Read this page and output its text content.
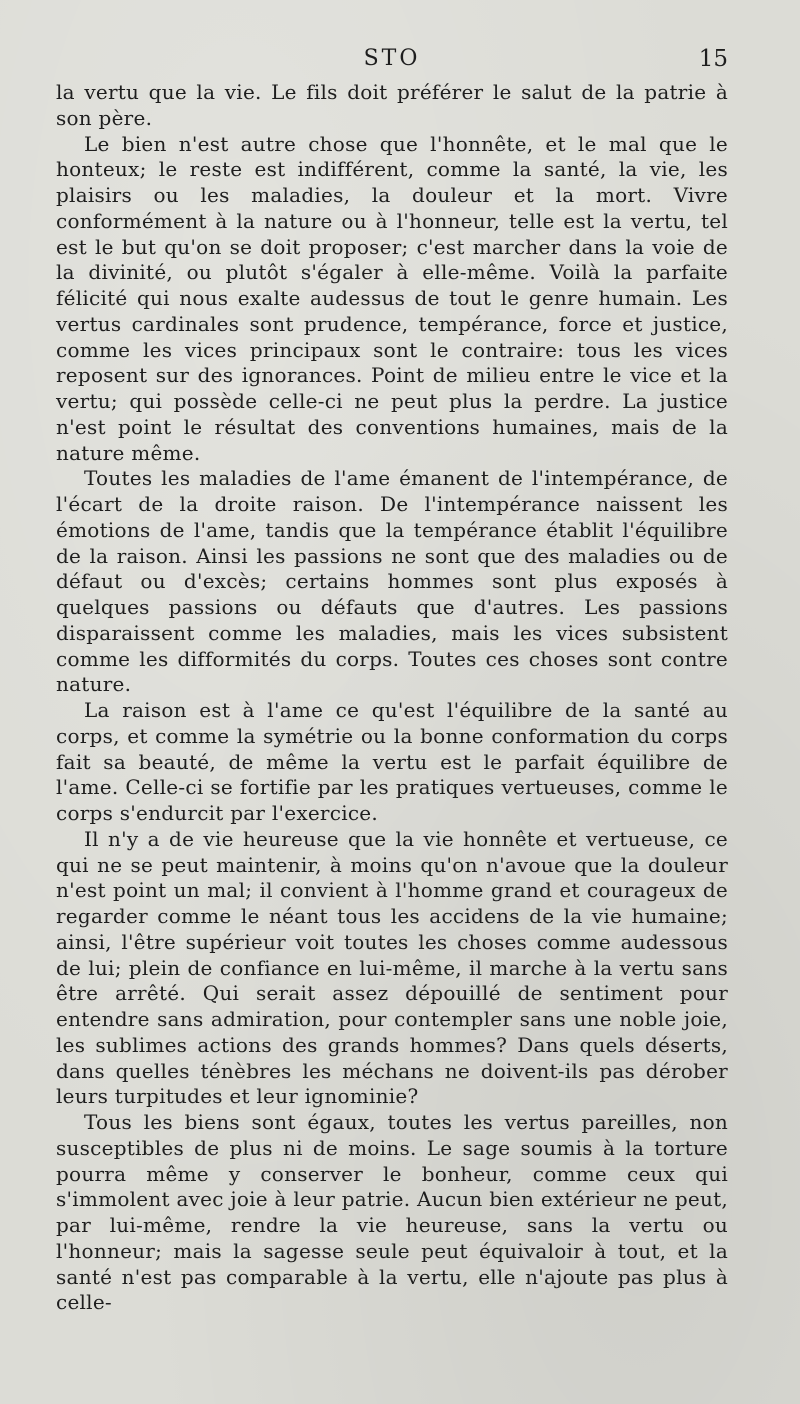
STO	15

la vertu que la vie. Le fils doit préférer le salut de la patrie à son père.

Le bien n'est autre chose que l'honnête, et le mal que le honteux; le reste est indifférent, comme la santé, la vie, les plaisirs ou les maladies, la douleur et la mort. Vivre conformément à la nature ou à l'honneur, telle est la vertu, tel est le but qu'on se doit proposer; c'est marcher dans la voie de la divinité, ou plutôt s'égaler à elle-même. Voilà la parfaite félicité qui nous exalte audessus de tout le genre humain. Les vertus cardinales sont prudence, tempérance, force et justice, comme les vices principaux sont le contraire: tous les vices reposent sur des ignorances. Point de milieu entre le vice et la vertu; qui possède celle-ci ne peut plus la perdre. La justice n'est point le résultat des conventions humaines, mais de la nature même.

Toutes les maladies de l'ame émanent de l'intempérance, de l'écart de la droite raison. De l'intempérance naissent les émotions de l'ame, tandis que la tempérance établit l'équilibre de la raison. Ainsi les passions ne sont que des maladies ou de défaut ou d'excès; certains hommes sont plus exposés à quelques passions ou défauts que d'autres. Les passions disparaissent comme les maladies, mais les vices subsistent comme les difformités du corps. Toutes ces choses sont contre nature.

La raison est à l'ame ce qu'est l'équilibre de la santé au corps, et comme la symétrie ou la bonne conformation du corps fait sa beauté, de même la vertu est le parfait équilibre de l'ame. Celle-ci se fortifie par les pratiques vertueuses, comme le corps s'endurcit par l'exercice.

Il n'y a de vie heureuse que la vie honnête et vertueuse, ce qui ne se peut maintenir, à moins qu'on n'avoue que la douleur n'est point un mal; il convient à l'homme grand et courageux de regarder comme le néant tous les accidens de la vie humaine; ainsi, l'être supérieur voit toutes les choses comme audessous de lui; plein de confiance en lui-même, il marche à la vertu sans être arrêté. Qui serait assez dépouillé de sentiment pour entendre sans admiration, pour contempler sans une noble joie, les sublimes actions des grands hommes? Dans quels déserts, dans quelles ténèbres les méchans ne doivent-ils pas dérober leurs turpitudes et leur ignominie?

Tous les biens sont égaux, toutes les vertus pareilles, non susceptibles de plus ni de moins. Le sage soumis à la torture pourra même y conserver le bonheur, comme ceux qui s'immolent avec joie à leur patrie. Aucun bien extérieur ne peut, par lui-même, rendre la vie heureuse, sans la vertu ou l'honneur; mais la sagesse seule peut équivaloir à tout, et la santé n'est pas comparable à la vertu, elle n'ajoute pas plus à celle-
